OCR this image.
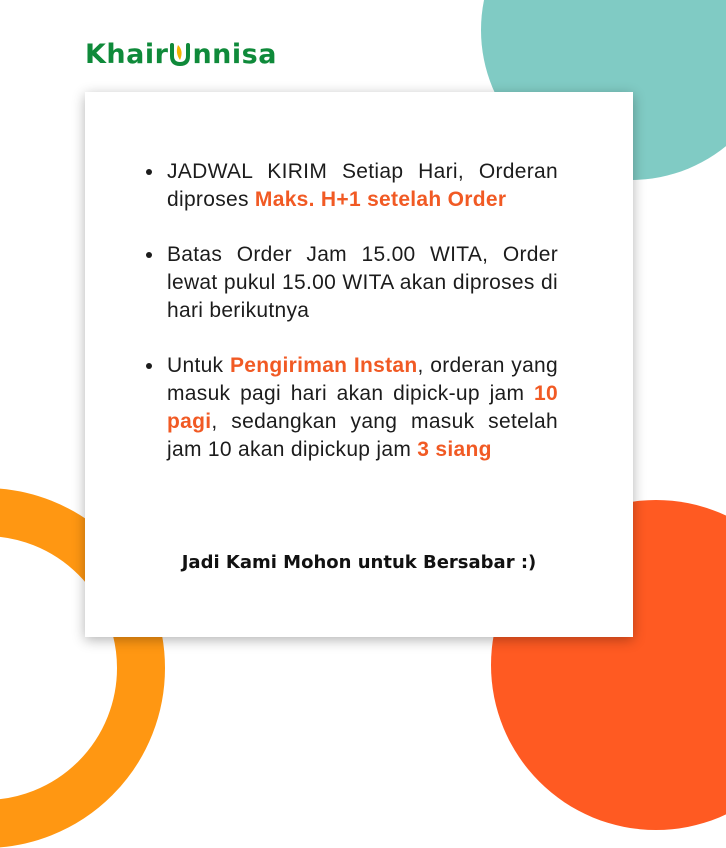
Khair nnisa
JADWAL KIRIM Setiap Hari, Orderan diproses Maks. H+1 setelah Order
Batas Order Jam 15.00 WITA, Order lewat pukul 15.00 WITA akan diproses di hari berikutnya
Untuk Pengiriman Instan, orderan yang masuk pagi hari akan dipick-up jam 10 pagi, sedangkan yang masuk setelah jam 10 akan dipickup jam 3 siang
Jadi Kami Mohon untuk Bersabar :)
